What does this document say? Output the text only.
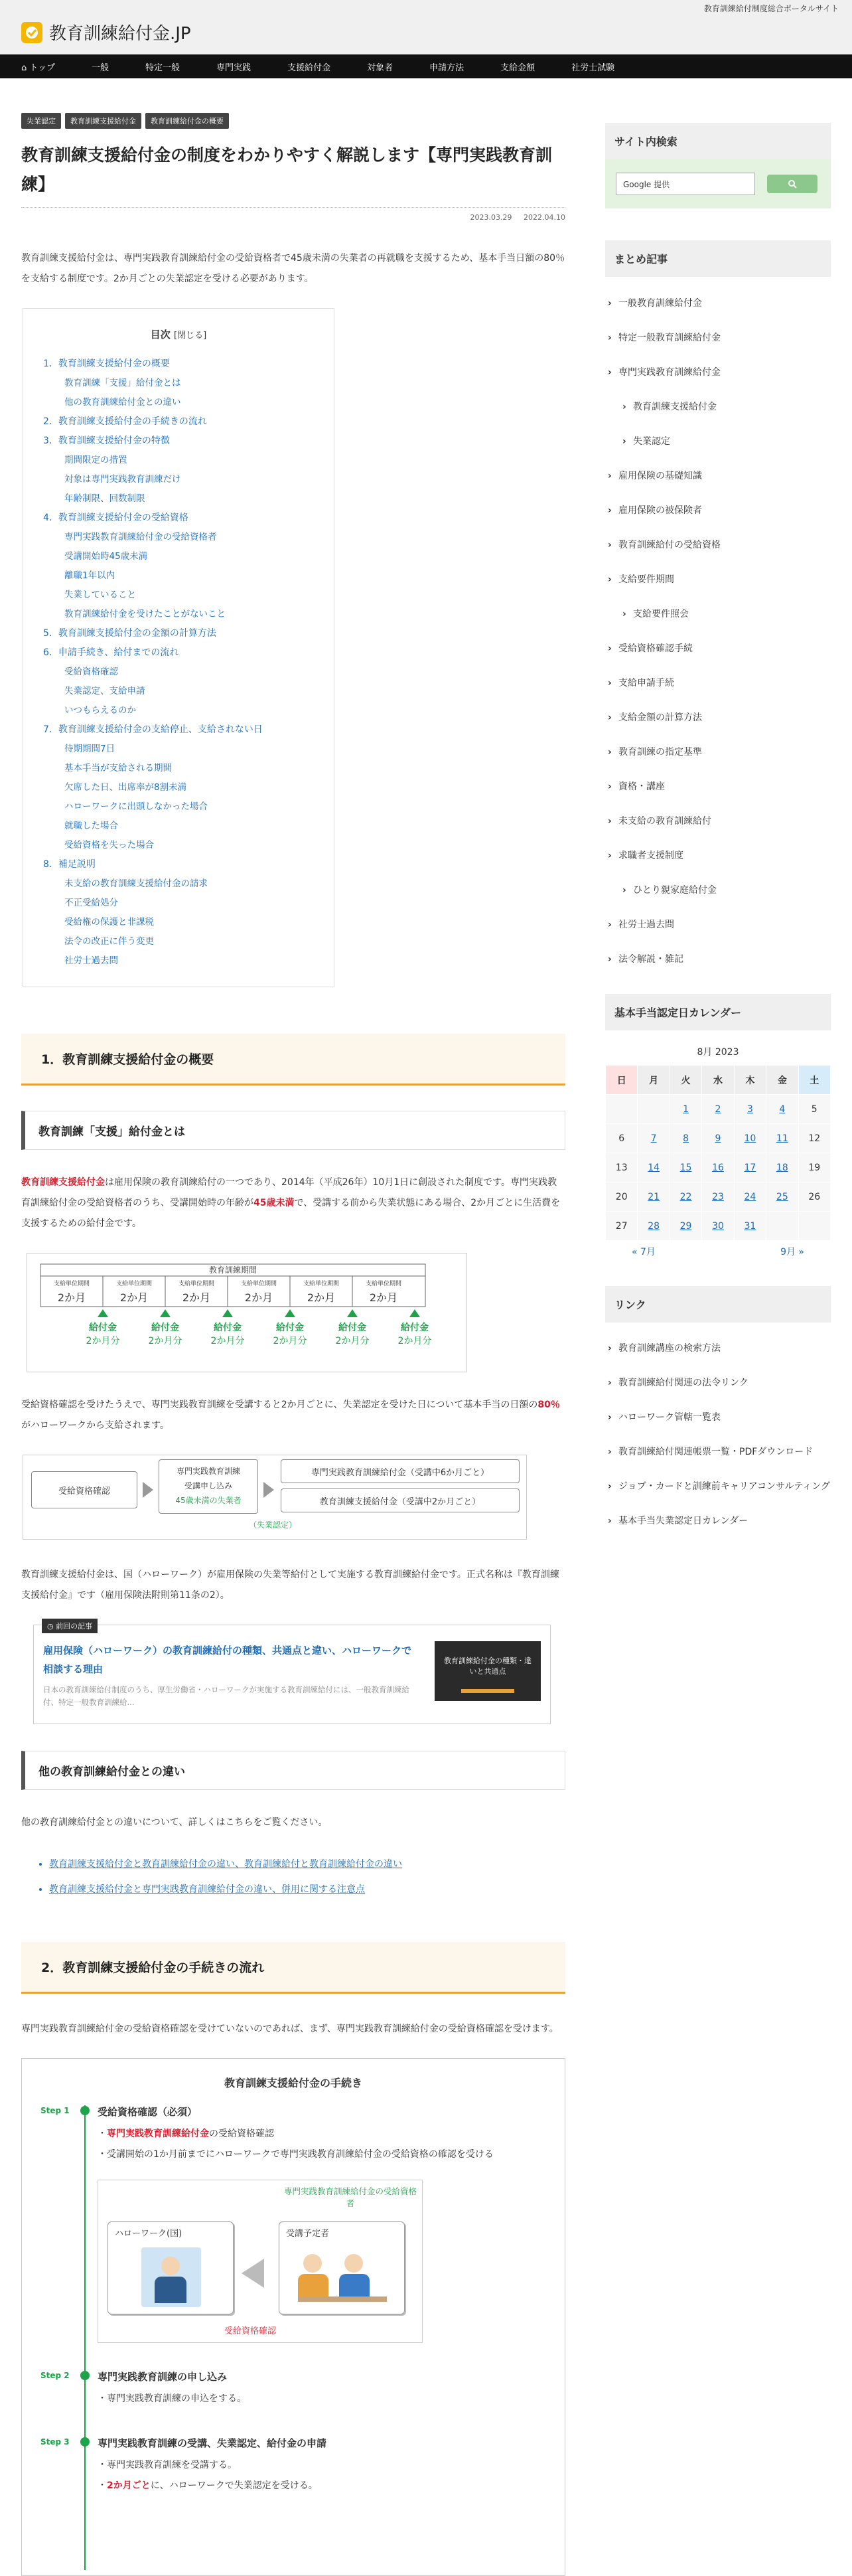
教育訓練給付制度総合ポータルサイト
教育訓練給付金.JP
⌂ トップ	一般	特定一般	専門実践	支援給付金	対象者	申請方法	支給金額	社労士試験
失業認定	教育訓練支援給付金	教育訓練給付金の概要
教育訓練支援給付金の制度をわかりやすく解説します【専門実践教育訓練】
2023.03.29 2022.04.10

教育訓練支援給付金は、専門実践教育訓練給付金の受給資格者で45歳未満の失業者の再就職を支援するため、基本手当日額の80％を支給する制度です。2か月ごとの失業認定を受ける必要があります。

目次 [閉じる]
1．教育訓練支援給付金の概要
教育訓練「支援」給付金とは
他の教育訓練給付金との違い
2．教育訓練支援給付金の手続きの流れ
3．教育訓練支援給付金の特徴
期間限定の措置
対象は専門実践教育訓練だけ
年齢制限、回数制限
4．教育訓練支援給付金の受給資格
専門実践教育訓練給付金の受給資格者
受講開始時45歳未満
離職1年以内
失業していること
教育訓練給付金を受けたことがないこと
5．教育訓練支援給付金の金額の計算方法
6．申請手続き、給付までの流れ
受給資格確認
失業認定、支給申請
いつもらえるのか
7．教育訓練支援給付金の支給停止、支給されない日
待期期間7日
基本手当が支給される期間
欠席した日、出席率が8割未満
ハローワークに出頭しなかった場合
就職した場合
受給資格を失った場合
8．補足説明
未支給の教育訓練支援給付金の請求
不正受給処分
受給権の保護と非課税
法令の改正に伴う変更
社労士過去問
1．教育訓練支援給付金の概要
教育訓練「支援」給付金とは

教育訓練支援給付金は雇用保険の教育訓練給付の一つであり、2014年（平成26年）10月1日に創設された制度です。専門実践教育訓練給付金の受給資格者のうち、受講開始時の年齢が45歳未満で、受講する前から失業状態にある場合、2か月ごとに生活費を支援するための給付金です。

教育訓練期間
支給単位期間
2か月
給付金
2か月分
支給単位期間
2か月
給付金
2か月分
支給単位期間
2か月
給付金
2か月分
支給単位期間
2か月
給付金
2か月分
支給単位期間
2か月
給付金
2か月分
支給単位期間
2か月
給付金
2か月分

受給資格確認を受けたうえで、専門実践教育訓練を受講すると2か月ごとに、失業認定を受けた日について基本手当の日額の80％がハローワークから支給されます。

受給資格確認
専門実践教育訓練
受講申し込み
45歳未満の失業者
専門実践教育訓練給付金（受講中6か月ごと）
教育訓練支援給付金（受講中2か月ごと）
（失業認定）

教育訓練支援給付金は、国（ハローワーク）が雇用保険の失業等給付として実施する教育訓練給付金です。正式名称は『教育訓練支援給付金』です（雇用保険法附則第11条の2）。

◷ 前回の記事
雇用保険（ハローワーク）の教育訓練給付の種類、共通点と違い、ハローワークで相談する理由
日本の教育訓練給付制度のうち、厚生労働省・ハローワークが実施する教育訓練給付には、一般教育訓練給付、特定一般教育訓練給...
教育訓練給付金の種類・違いと共通点
他の教育訓練給付金との違い

他の教育訓練給付金との違いについて、詳しくはこちらをご覧ください。

• 教育訓練支援給付金と教育訓練給付金の違い、教育訓練給付と教育訓練給付金の違い
• 教育訓練支援給付金と専門実践教育訓練給付金の違い、併用に関する注意点
2．教育訓練支援給付金の手続きの流れ

専門実践教育訓練給付金の受給資格確認を受けていないのであれば、まず、専門実践教育訓練給付金の受給資格確認を受けます。

教育訓練支援給付金の手続き
Step 1	受給資格確認（必須）
・専門実践教育訓練給付金の受給資格確認
・受講開始の1か月前までにハローワークで専門実践教育訓練給付金の受給資格の確認を受ける
専門実践教育訓練給付金の受給資格者
ハローワーク(国)	受講予定者
受給資格確認
Step 2	専門実践教育訓練の申し込み
・専門実践教育訓練の申込をする。
Step 3	専門実践教育訓練の受講、失業認定、給付金の申請
・専門実践教育訓練を受講する。
・2か月ごとに、ハローワークで失業認定を受ける。
サイト内検索
Google 提供
まとめ記事
› 一般教育訓練給付金
› 特定一般教育訓練給付金
› 専門実践教育訓練給付金
› 教育訓練支援給付金
› 失業認定
› 雇用保険の基礎知識
› 雇用保険の被保険者
› 教育訓練給付の受給資格
› 支給要件期間
› 支給要件照会
› 受給資格確認手続
› 支給申請手続
› 支給金額の計算方法
› 教育訓練の指定基準
› 資格・講座
› 未支給の教育訓練給付
› 求職者支援制度
› ひとり親家庭給付金
› 社労士過去問
› 法令解説・雑記
基本手当認定日カレンダー
8月 2023
日	月	火	水	木	金	土
		1	2	3	4	5
6	7	8	9	10	11	12
13	14	15	16	17	18	19
20	21	22	23	24	25	26
27	28	29	30	31		
« 7月	9月 »
リンク
› 教育訓練講座の検索方法
› 教育訓練給付関連の法令リンク
› ハローワーク管轄一覧表
› 教育訓練給付関連帳票一覧・PDFダウンロード
› ジョブ・カードと訓練前キャリアコンサルティング
› 基本手当失業認定日カレンダー
